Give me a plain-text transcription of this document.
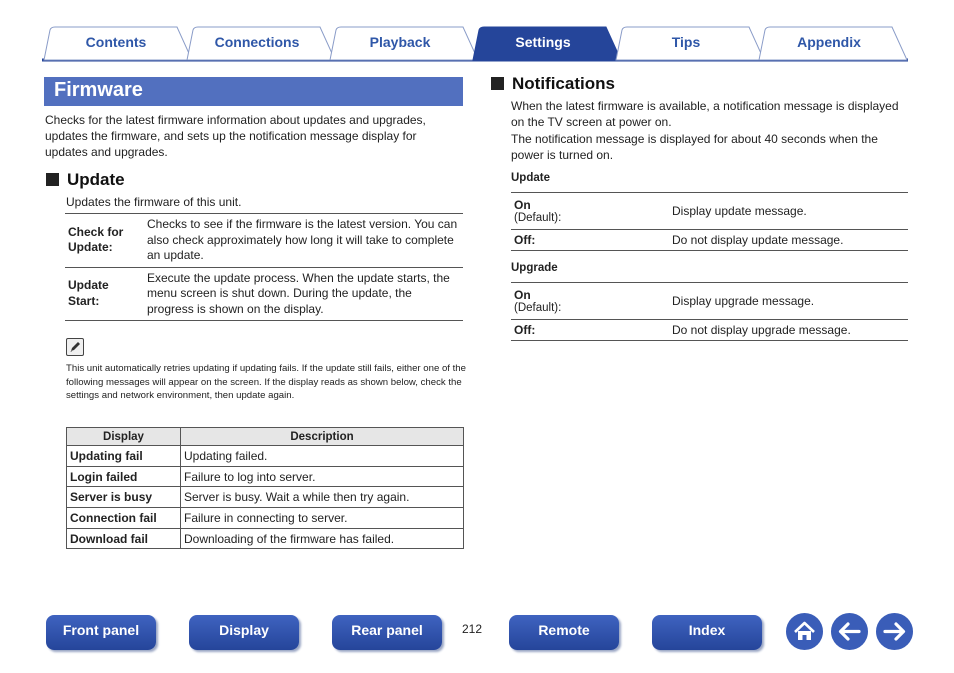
Contents	Connections	Playback	Settings	Tips	Appendix
Firmware
Checks for the latest firmware information about updates and upgrades, updates the firmware, and sets up the notification message display for updates and upgrades.
Update
Updates the firmware of this unit.
Check for Update:	Checks to see if the firmware is the latest version. You can also check approximately how long it will take to complete an update.
Update Start:	Execute the update process. When the update starts, the menu screen is shut down. During the update, the progress is shown on the display.
This unit automatically retries updating if updating fails. If the update still fails, either one of the following messages will appear on the screen. If the display reads as shown below, check the settings and network environment, then update again.
Display	Description
Updating fail	Updating failed.
Login failed	Failure to log into server.
Server is busy	Server is busy. Wait a while then try again.
Connection fail	Failure in connecting to server.
Download fail	Downloading of the firmware has failed.
Notifications
When the latest firmware is available, a notification message is displayed on the TV screen at power on.
The notification message is displayed for about 40 seconds when the power is turned on.
Update
On
(Default):	Display update message.
Off:	Do not display update message.
Upgrade
On
(Default):	Display upgrade message.
Off:	Do not display upgrade message.
Front panel	Display	Rear panel	212	Remote	Index
